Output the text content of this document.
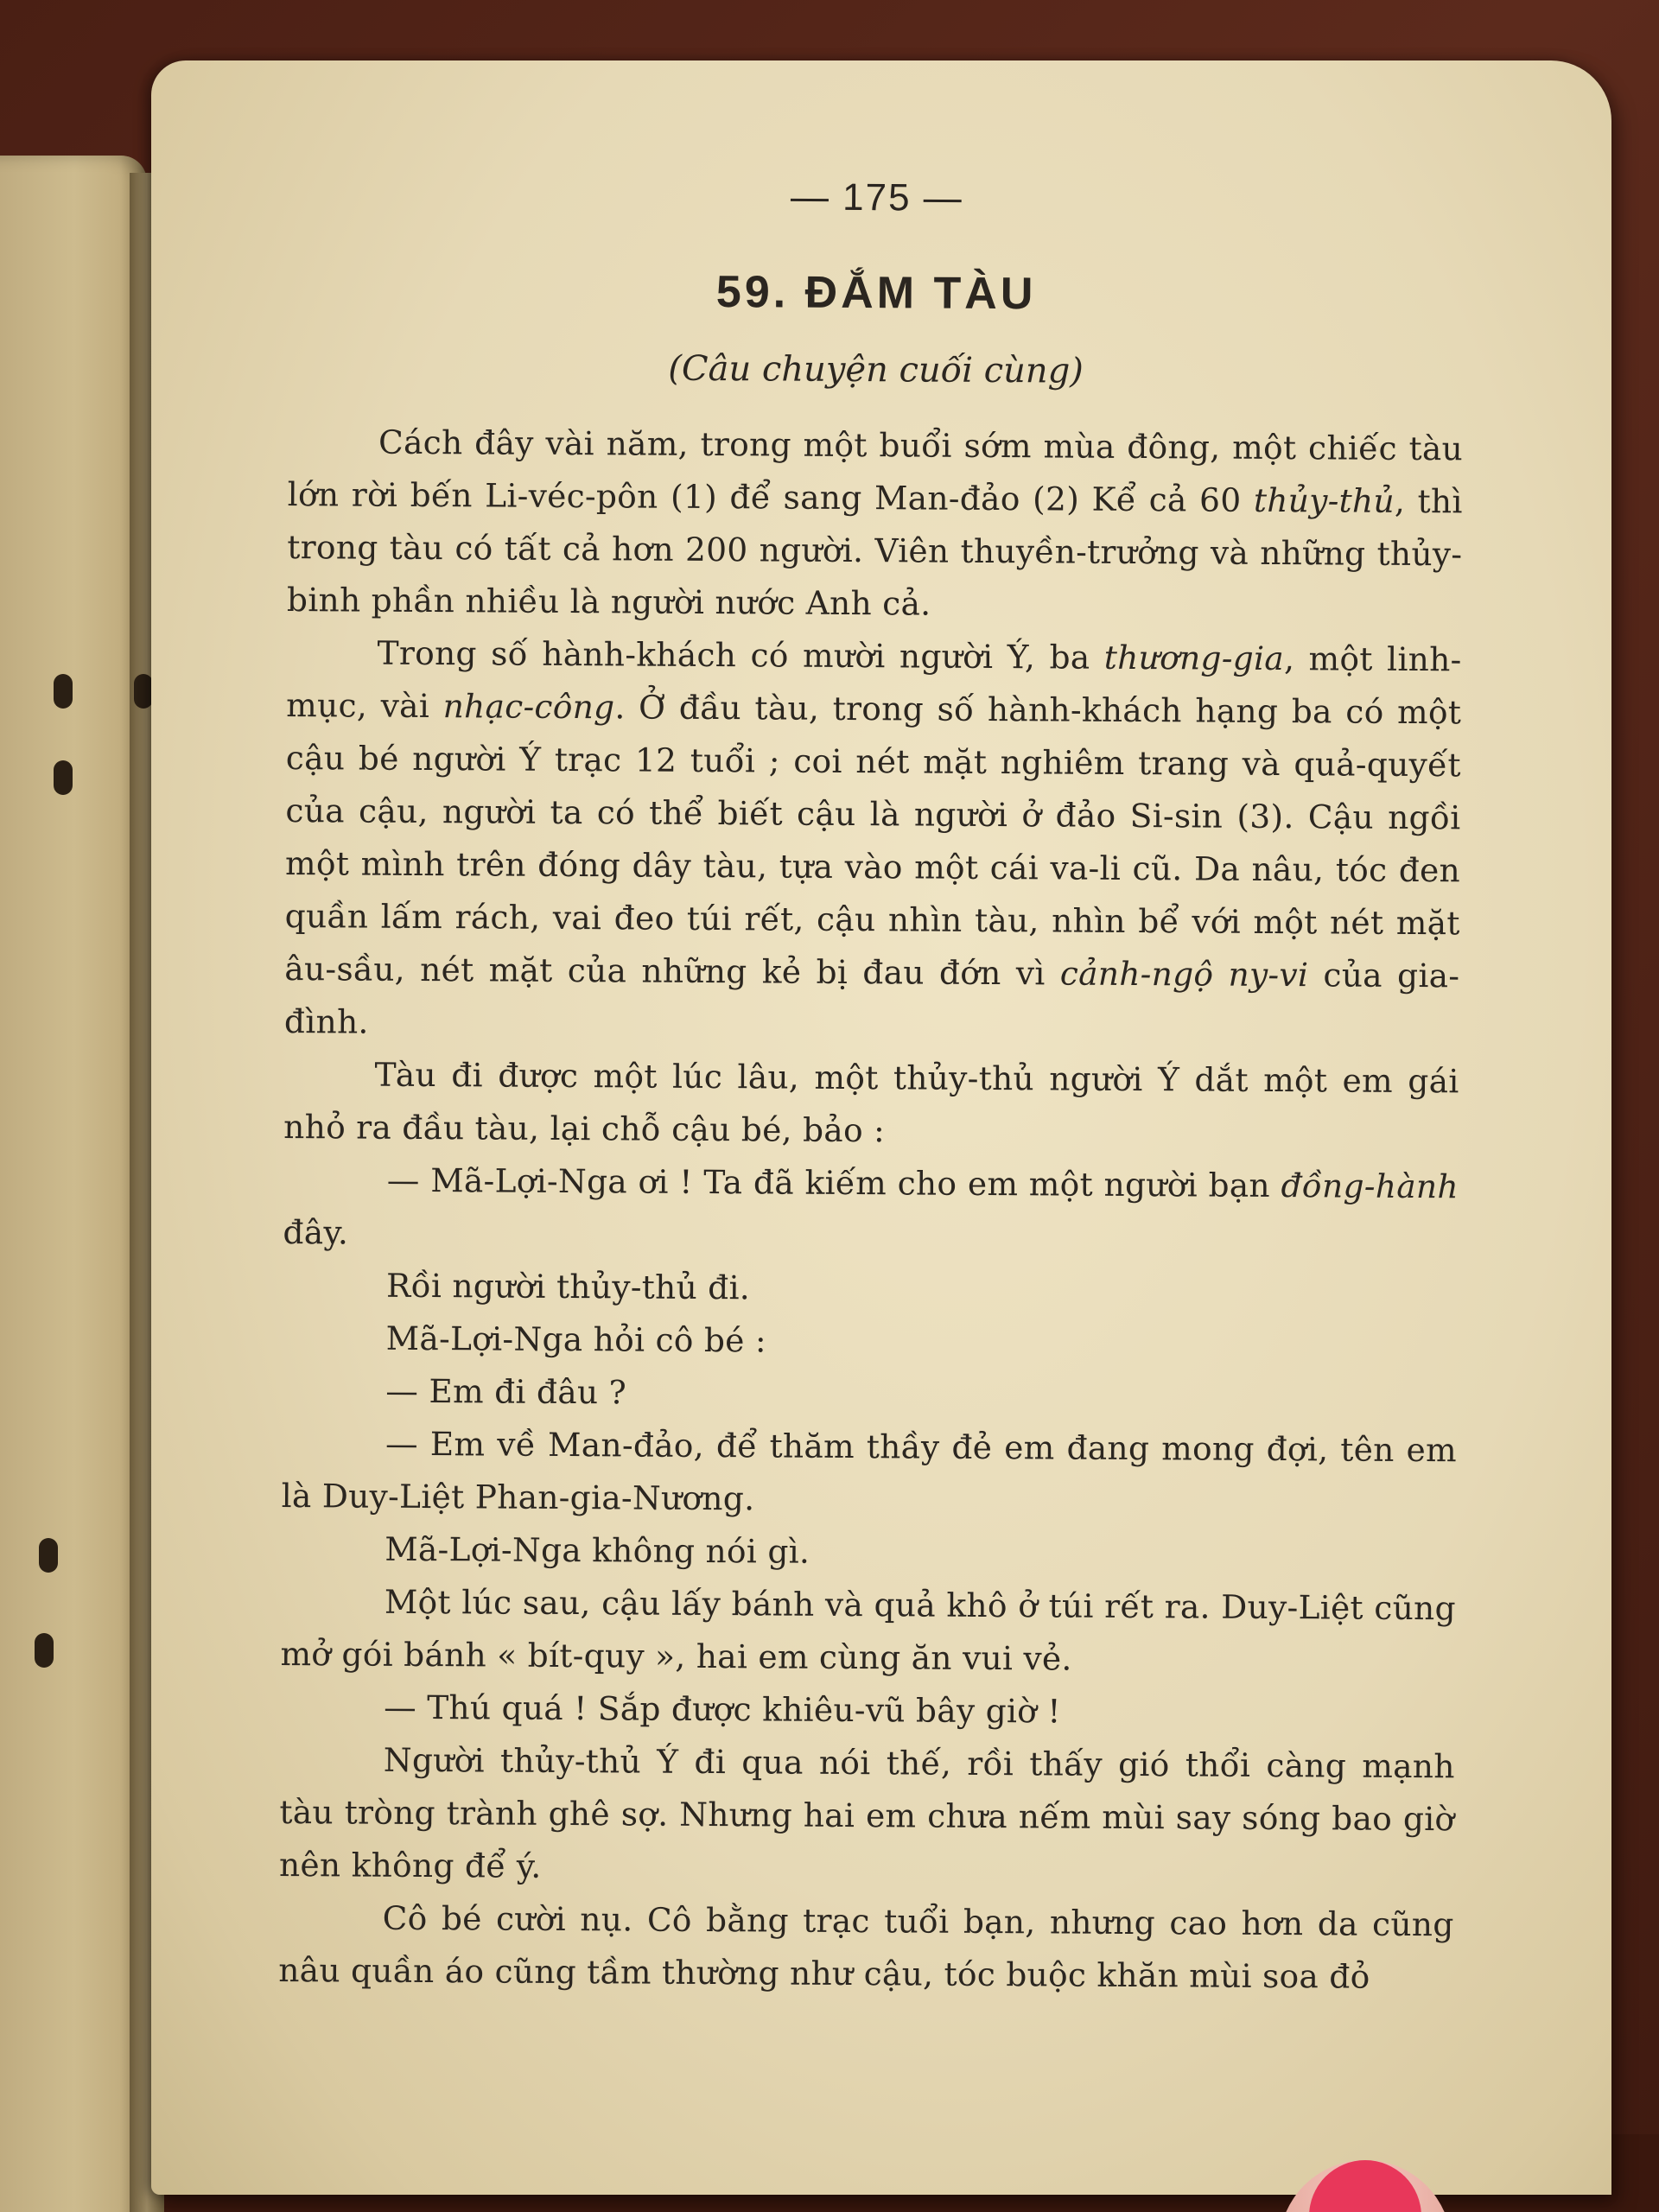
— 175 —
59. ĐẮM TÀU
(Câu chuyện cuối cùng)

Cách đây vài năm, trong một buổi sớm mùa đông, một chiếc tàu lớn rời bến Li-véc-pôn (1) để sang Man-đảo (2) Kể cả 60 thủy-thủ, thì trong tàu có tất cả hơn 200 người. Viên thuyền-trưởng và những thủy-binh phần nhiều là người nước Anh cả.

Trong số hành-khách có mười người Ý, ba thương-gia, một linh-mục, vài nhạc-công. Ở đầu tàu, trong số hành-khách hạng ba có một cậu bé người Ý trạc 12 tuổi ; coi nét mặt nghiêm trang và quả-quyết của cậu, người ta có thể biết cậu là người ở đảo Si-sin (3). Cậu ngồi một mình trên đóng dây tàu, tựa vào một cái va-li cũ. Da nâu, tóc đen quần lấm rách, vai đeo túi rết, cậu nhìn tàu, nhìn bể với một nét mặt âu-sầu, nét mặt của những kẻ bị đau đớn vì cảnh-ngộ ny-vi của gia-đình.

Tàu đi được một lúc lâu, một thủy-thủ người Ý dắt một em gái nhỏ ra đầu tàu, lại chỗ cậu bé, bảo :

— Mã-Lợi-Nga ơi ! Ta đã kiếm cho em một người bạn đồng-hành đây.

Rồi người thủy-thủ đi.

Mã-Lợi-Nga hỏi cô bé :

— Em đi đâu ?

— Em về Man-đảo, để thăm thầy đẻ em đang mong đợi, tên em là Duy-Liệt Phan-gia-Nương.

Mã-Lợi-Nga không nói gì.

Một lúc sau, cậu lấy bánh và quả khô ở túi rết ra. Duy-Liệt cũng mở gói bánh « bít-quy », hai em cùng ăn vui vẻ.

— Thú quá ! Sắp được khiêu-vũ bây giờ !

Người thủy-thủ Ý đi qua nói thế, rồi thấy gió thổi càng mạnh tàu tròng trành ghê sợ. Nhưng hai em chưa nếm mùi say sóng bao giờ nên không để ý.

Cô bé cười nụ. Cô bằng trạc tuổi bạn, nhưng cao hơn da cũng nâu quần áo cũng tầm thường như cậu, tóc buộc khăn mùi soa đỏ
